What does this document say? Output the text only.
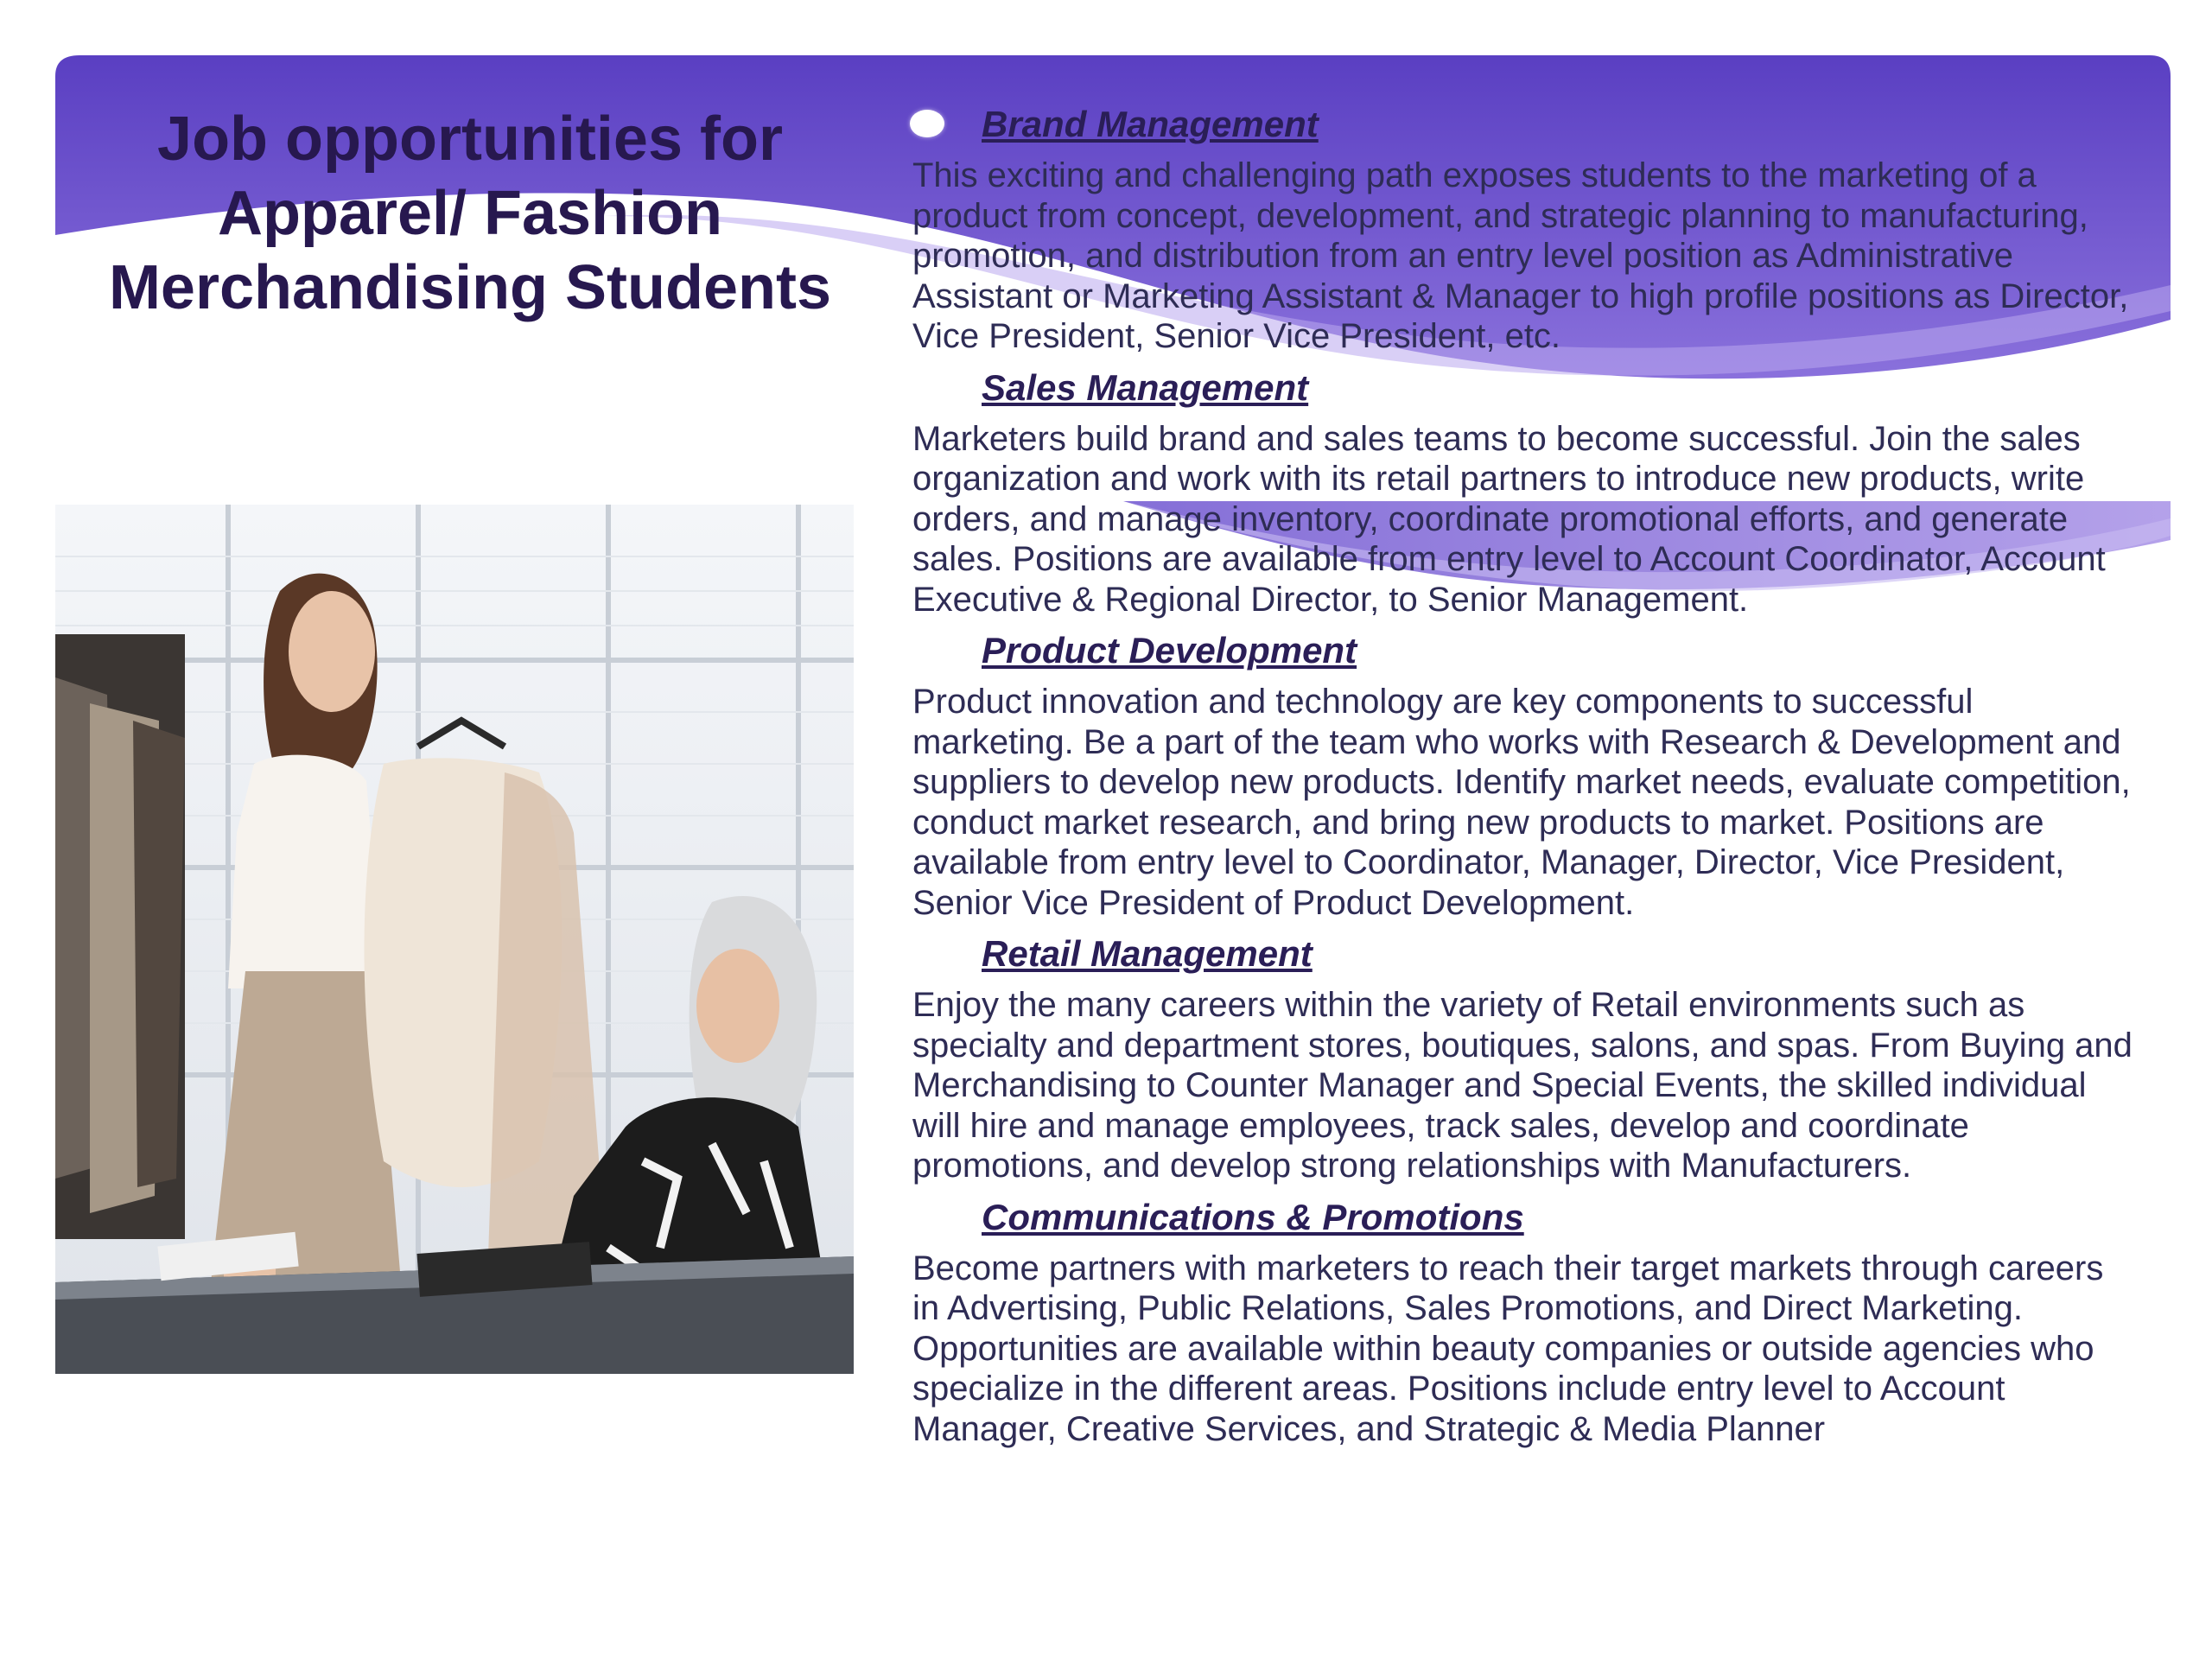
Job opportunities for
Apparel/ Fashion
Merchandising Students
Brand Management

This exciting and challenging path exposes students to the marketing of a product from concept, development, and strategic planning to manufacturing, promotion, and distribution from an entry level position as Administrative Assistant or Marketing Assistant & Manager to high profile positions as Director, Vice President, Senior Vice President, etc.

Sales Management

Marketers build brand and sales teams to become successful. Join the sales organization and work with its retail partners to introduce new products, write orders, and manage inventory, coordinate promotional efforts, and generate sales. Positions are available from entry level to Account Coordinator, Account Executive & Regional Director, to Senior Management.

Product Development

Product innovation and technology are key components to successful marketing. Be a part of the team who works with Research & Development and suppliers to develop new products. Identify market needs, evaluate competition, conduct market research, and bring new products to market. Positions are available from entry level to Coordinator, Manager, Director, Vice President, Senior Vice President of Product Development.

Retail Management

Enjoy the many careers within the variety of Retail environments such as specialty and department stores, boutiques, salons, and spas. From Buying and Merchandising to Counter Manager and Special Events, the skilled individual will hire and manage employees, track sales, develop and coordinate promotions, and develop strong relationships with Manufacturers.

Communications & Promotions

Become partners with marketers to reach their target markets through careers in Advertising, Public Relations, Sales Promotions, and Direct Marketing. Opportunities are available within beauty companies or outside agencies who specialize in the different areas. Positions include entry level to Account Manager, Creative Services, and Strategic & Media Planner
